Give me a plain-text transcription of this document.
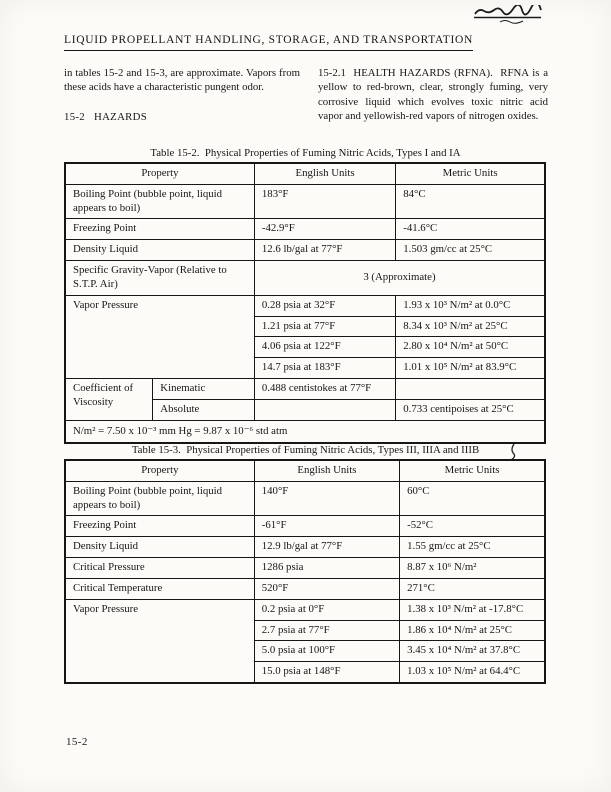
LIQUID PROPELLANT HANDLING, STORAGE, AND TRANSPORTATION

in tables 15-2 and 15-3, are approximate. Vapors from these acids have a characteristic pungent odor.

15-2   HAZARDS

15-2.1  HEALTH HAZARDS (RFNA).  RFNA is a yellow to red-brown, clear, strongly fuming, very corrosive liquid which evolves toxic nitric acid vapor and yellowish-red vapors of nitrogen oxides.

Table 15-2.  Physical Properties of Fuming Nitric Acids, Types I and IA
Property		English Units	Metric Units
Boiling Point (bubble point, liquid appears to boil)		183°F	84°C
Freezing Point		-42.9°F	-41.6°C
Density Liquid		12.6 lb/gal at 77°F	1.503 gm/cc at 25°C
Specific Gravity-Vapor (Relative to S.T.P. Air)		3 (Approximate)	
Vapor Pressure		0.28 psia at 32°F	1.93 x 10³ N/m² at 0.0°C
		1.21 psia at 77°F	8.34 x 10³ N/m² at 25°C
		4.06 psia at 122°F	2.80 x 10⁴ N/m² at 50°C
		14.7 psia at 183°F	1.01 x 10⁵ N/m² at 83.9°C
Coefficient of Viscosity	Kinematic	0.488 centistokes at 77°F	
	Absolute		0.733 centipoises at 25°C
N/m² = 7.50 x 10⁻³ mm Hg = 9.87 x 10⁻⁶ std atm			
Table 15-3.  Physical Properties of Fuming Nitric Acids, Types III, IIIA and IIIB
Property	English Units	Metric Units
Boiling Point (bubble point, liquid appears to boil)	140°F	60°C
Freezing Point	-61°F	-52°C
Density Liquid	12.9 lb/gal at 77°F	1.55 gm/cc at 25°C
Critical Pressure	1286 psia	8.87 x 10⁶ N/m²
Critical Temperature	520°F	271°C
Vapor Pressure	0.2 psia at 0°F	1.38 x 10³ N/m² at -17.8°C
	2.7 psia at 77°F	1.86 x 10⁴ N/m² at 25°C
	5.0 psia at 100°F	3.45 x 10⁴ N/m² at 37.8°C
	15.0 psia at 148°F	1.03 x 10⁵ N/m² at 64.4°C
15-2
